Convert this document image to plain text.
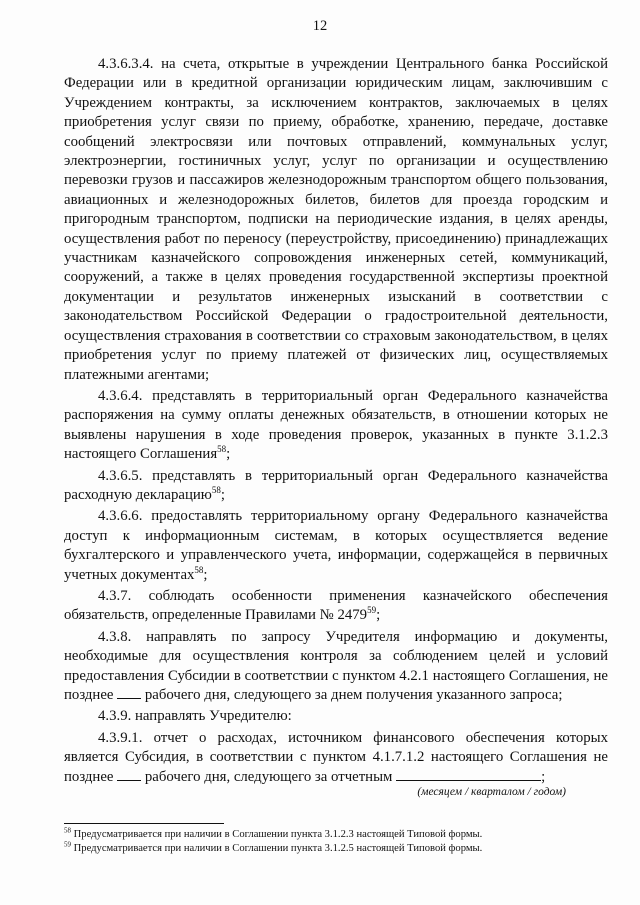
12

4.3.6.3.4. на счета, открытые в учреждении Центрального банка Российской Федерации или в кредитной организации юридическим лицам, заключившим с Учреждением контракты, за исключением контрактов, заключаемых в целях приобретения услуг связи по приему, обработке, хранению, передаче, доставке сообщений электросвязи или почтовых отправлений, коммунальных услуг, электроэнергии, гостиничных услуг, услуг по организации и осуществлению перевозки грузов и пассажиров железнодорожным транспортом общего пользования, авиационных и железнодорожных билетов, билетов для проезда городским и пригородным транспортом, подписки на периодические издания, в целях аренды, осуществления работ по переносу (переустройству, присоединению) принадлежащих участникам казначейского сопровождения инженерных сетей, коммуникаций, сооружений, а также в целях проведения государственной экспертизы проектной документации и результатов инженерных изысканий в соответствии с законодательством Российской Федерации о градостроительной деятельности, осуществления страхования в соответствии со страховым законодательством, в целях приобретения услуг по приему платежей от физических лиц, осуществляемых платежными агентами;

4.3.6.4. представлять в территориальный орган Федерального казначейства распоряжения на сумму оплаты денежных обязательств, в отношении которых не выявлены нарушения в ходе проведения проверок, указанных в пункте 3.1.2.3 настоящего Соглашения$^{58}$;

4.3.6.5. представлять в территориальный орган Федерального казначейства расходную декларацию$^{58}$;

4.3.6.6. предоставлять территориальному органу Федерального казначейства доступ к информационным системам, в которых осуществляется ведение бухгалтерского и управленческого учета, информации, содержащейся в первичных учетных документах$^{58}$;

4.3.7. соблюдать особенности применения казначейского обеспечения обязательств, определенные Правилами № 2479$^{59}$;

4.3.8. направлять по запросу Учредителя информацию и документы, необходимые для осуществления контроля за соблюдением целей и условий предоставления Субсидии в соответствии с пунктом 4.2.1 настоящего Соглашения, не позднее рабочего дня, следующего за днем получения указанного запроса;

4.3.9. направлять Учредителю:

4.3.9.1. отчет о расходах, источником финансового обеспечения которых является Субсидия, в соответствии с пунктом 4.1.7.1.2 настоящего Соглашения не позднее рабочего дня, следующего за отчетным	;
(месяцем / кварталом / годом)

$^{58}$ Предусматривается при наличии в Соглашении пункта 3.1.2.3 настоящей Типовой формы.
$^{59}$ Предусматривается при наличии в Соглашении пункта 3.1.2.5 настоящей Типовой формы.
